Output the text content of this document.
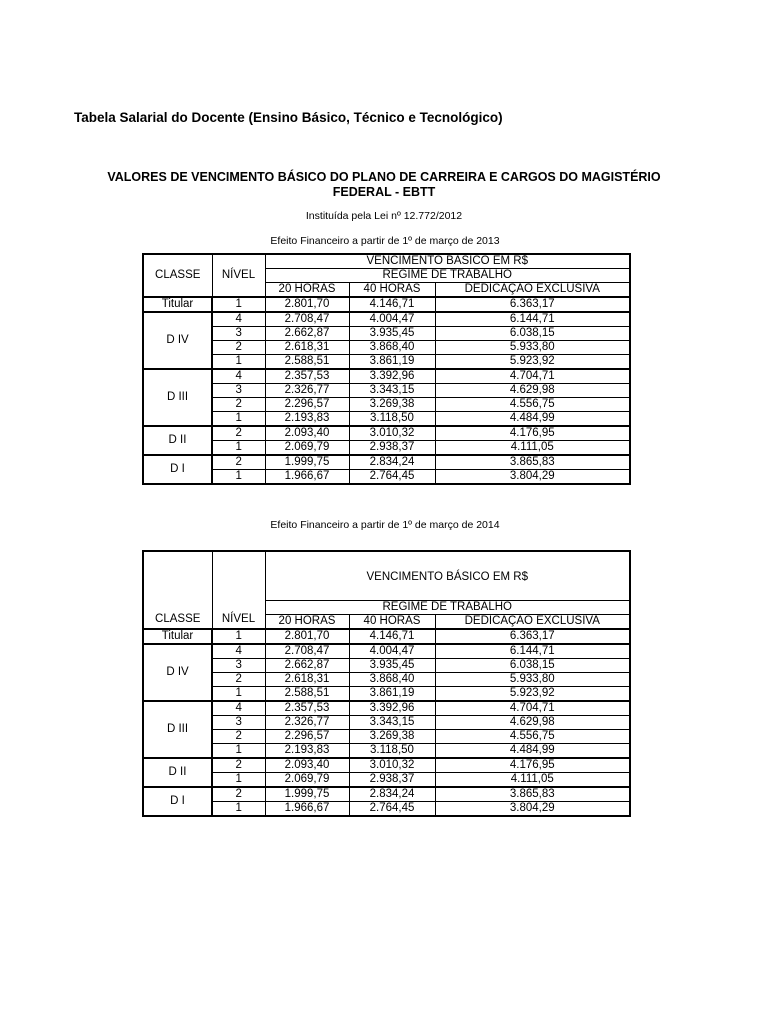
Tabela Salarial do Docente (Ensino Básico, Técnico e Tecnológico)
VALORES DE VENCIMENTO BÁSICO DO PLANO DE CARREIRA E CARGOS DO MAGISTÉRIO
FEDERAL - EBTT
Instituída pela Lei nº 12.772/2012
Efeito Financeiro a partir de 1º de março de 2013
CLASSE	NÍVEL	VENCIMENTO BÁSICO EM R$		
		REGIME DE TRABALHO		
		20 HORAS	40 HORAS	DEDICAÇÃO EXCLUSIVA
Titular	1	2.801,70	4.146,71	6.363,17
D IV	4	2.708,47	4.004,47	6.144,71
	3	2.662,87	3.935,45	6.038,15
	2	2.618,31	3.868,40	5.933,80
	1	2.588,51	3.861,19	5.923,92
D III	4	2.357,53	3.392,96	4.704,71
	3	2.326,77	3.343,15	4.629,98
	2	2.296,57	3.269,38	4.556,75
	1	2.193,83	3.118,50	4.484,99
D II	2	2.093,40	3.010,32	4.176,95
	1	2.069,79	2.938,37	4.111,05
D I	2	1.999,75	2.834,24	3.865,83
	1	1.966,67	2.764,45	3.804,29
Efeito Financeiro a partir de 1º de março de 2014
CLASSE	NÍVEL	VENCIMENTO BÁSICO EM R$		
		REGIME DE TRABALHO		
		20 HORAS	40 HORAS	DEDICAÇÃO EXCLUSIVA
Titular	1	2.801,70	4.146,71	6.363,17
D IV	4	2.708,47	4.004,47	6.144,71
	3	2.662,87	3.935,45	6.038,15
	2	2.618,31	3.868,40	5.933,80
	1	2.588,51	3.861,19	5.923,92
D III	4	2.357,53	3.392,96	4.704,71
	3	2.326,77	3.343,15	4.629,98
	2	2.296,57	3.269,38	4.556,75
	1	2.193,83	3.118,50	4.484,99
D II	2	2.093,40	3.010,32	4.176,95
	1	2.069,79	2.938,37	4.111,05
D I	2	1.999,75	2.834,24	3.865,83
	1	1.966,67	2.764,45	3.804,29
